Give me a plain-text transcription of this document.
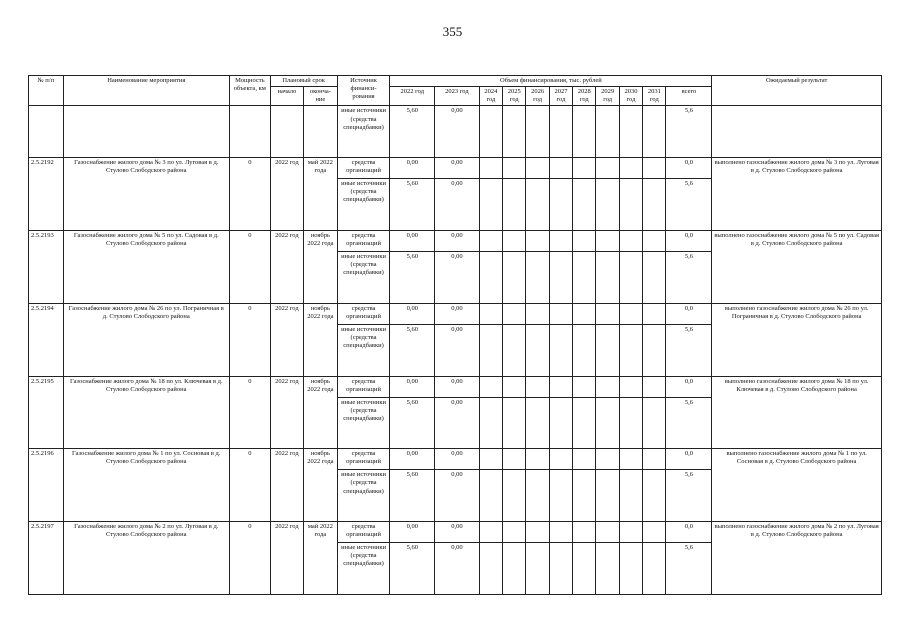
355
№ п/п	Наименование мероприятия	Мощность объекта, км	Плановый срок		Источник финанси-рования	Объем финансирования, тыс. рублей											Ожидаемый результат
			начало	оконча-ние		2022 год	2023 год	2024 год	2025 год	2026 год	2027 год	2028 год	2029 год	2030 год	2031 год	всего	
					иные источники (средства спецнадбавки)	5,60	0,00									5,6	
2.5.2192	Газоснабжение жилого дома № 3 по ул. Луговая в д. Стулово Слободского района	0	2022 год	май 2022 года	средства организаций	0,00	0,00									0,0	выполнено газоснабжение жилого дома № 3 по ул. Луговая в д. Стулово Слободского района
					иные источники (средства спецнадбавки)	5,60	0,00									5,6	
2.5.2193	Газоснабжение жилого дома № 5 по ул. Садовая в д. Стулово Слободского района	0	2022 год	ноябрь 2022 года	средства организаций	0,00	0,00									0,0	выполнено газоснабжение жилого дома № 5 по ул. Садовая в д. Стулово Слободского района
					иные источники (средства спецнадбавки)	5,60	0,00									5,6	
2.5.2194	Газоснабжение жилого дома № 26 по ул. Пограничная в д. Стулово Слободского района	0	2022 год	ноябрь 2022 года	средства организаций	0,00	0,00									0,0	выполнено газоснабжение жилого дома № 26 по ул. Пограничная в д. Стулово Слободского района
					иные источники (средства спецнадбавки)	5,60	0,00									5,6	
2.5.2195	Газоснабжение жилого дома № 18 по ул. Ключевая в д. Стулово Слободского района	0	2022 год	ноябрь 2022 года	средства организаций	0,00	0,00									0,0	выполнено газоснабжение жилого дома № 18 по ул. Ключевая в д. Стулово Слободского района
					иные источники (средства спецнадбавки)	5,60	0,00									5,6	
2.5.2196	Газоснабжение жилого дома № 1 по ул. Сосновая в д. Стулово Слободского района	0	2022 год	ноябрь 2022 года	средства организаций	0,00	0,00									0,0	выполнено газоснабжение жилого дома № 1 по ул. Сосновая в д. Стулово Слободского района
					иные источники (средства спецнадбавки)	5,60	0,00									5,6	
2.5.2197	Газоснабжение жилого дома № 2 по ул. Луговая в д. Стулово Слободского района	0	2022 год	май 2022 года	средства организаций	0,00	0,00									0,0	выполнено газоснабжение жилого дома № 2 по ул. Луговая в д. Стулово Слободского района
					иные источники (средства спецнадбавки)	5,60	0,00									5,6	
